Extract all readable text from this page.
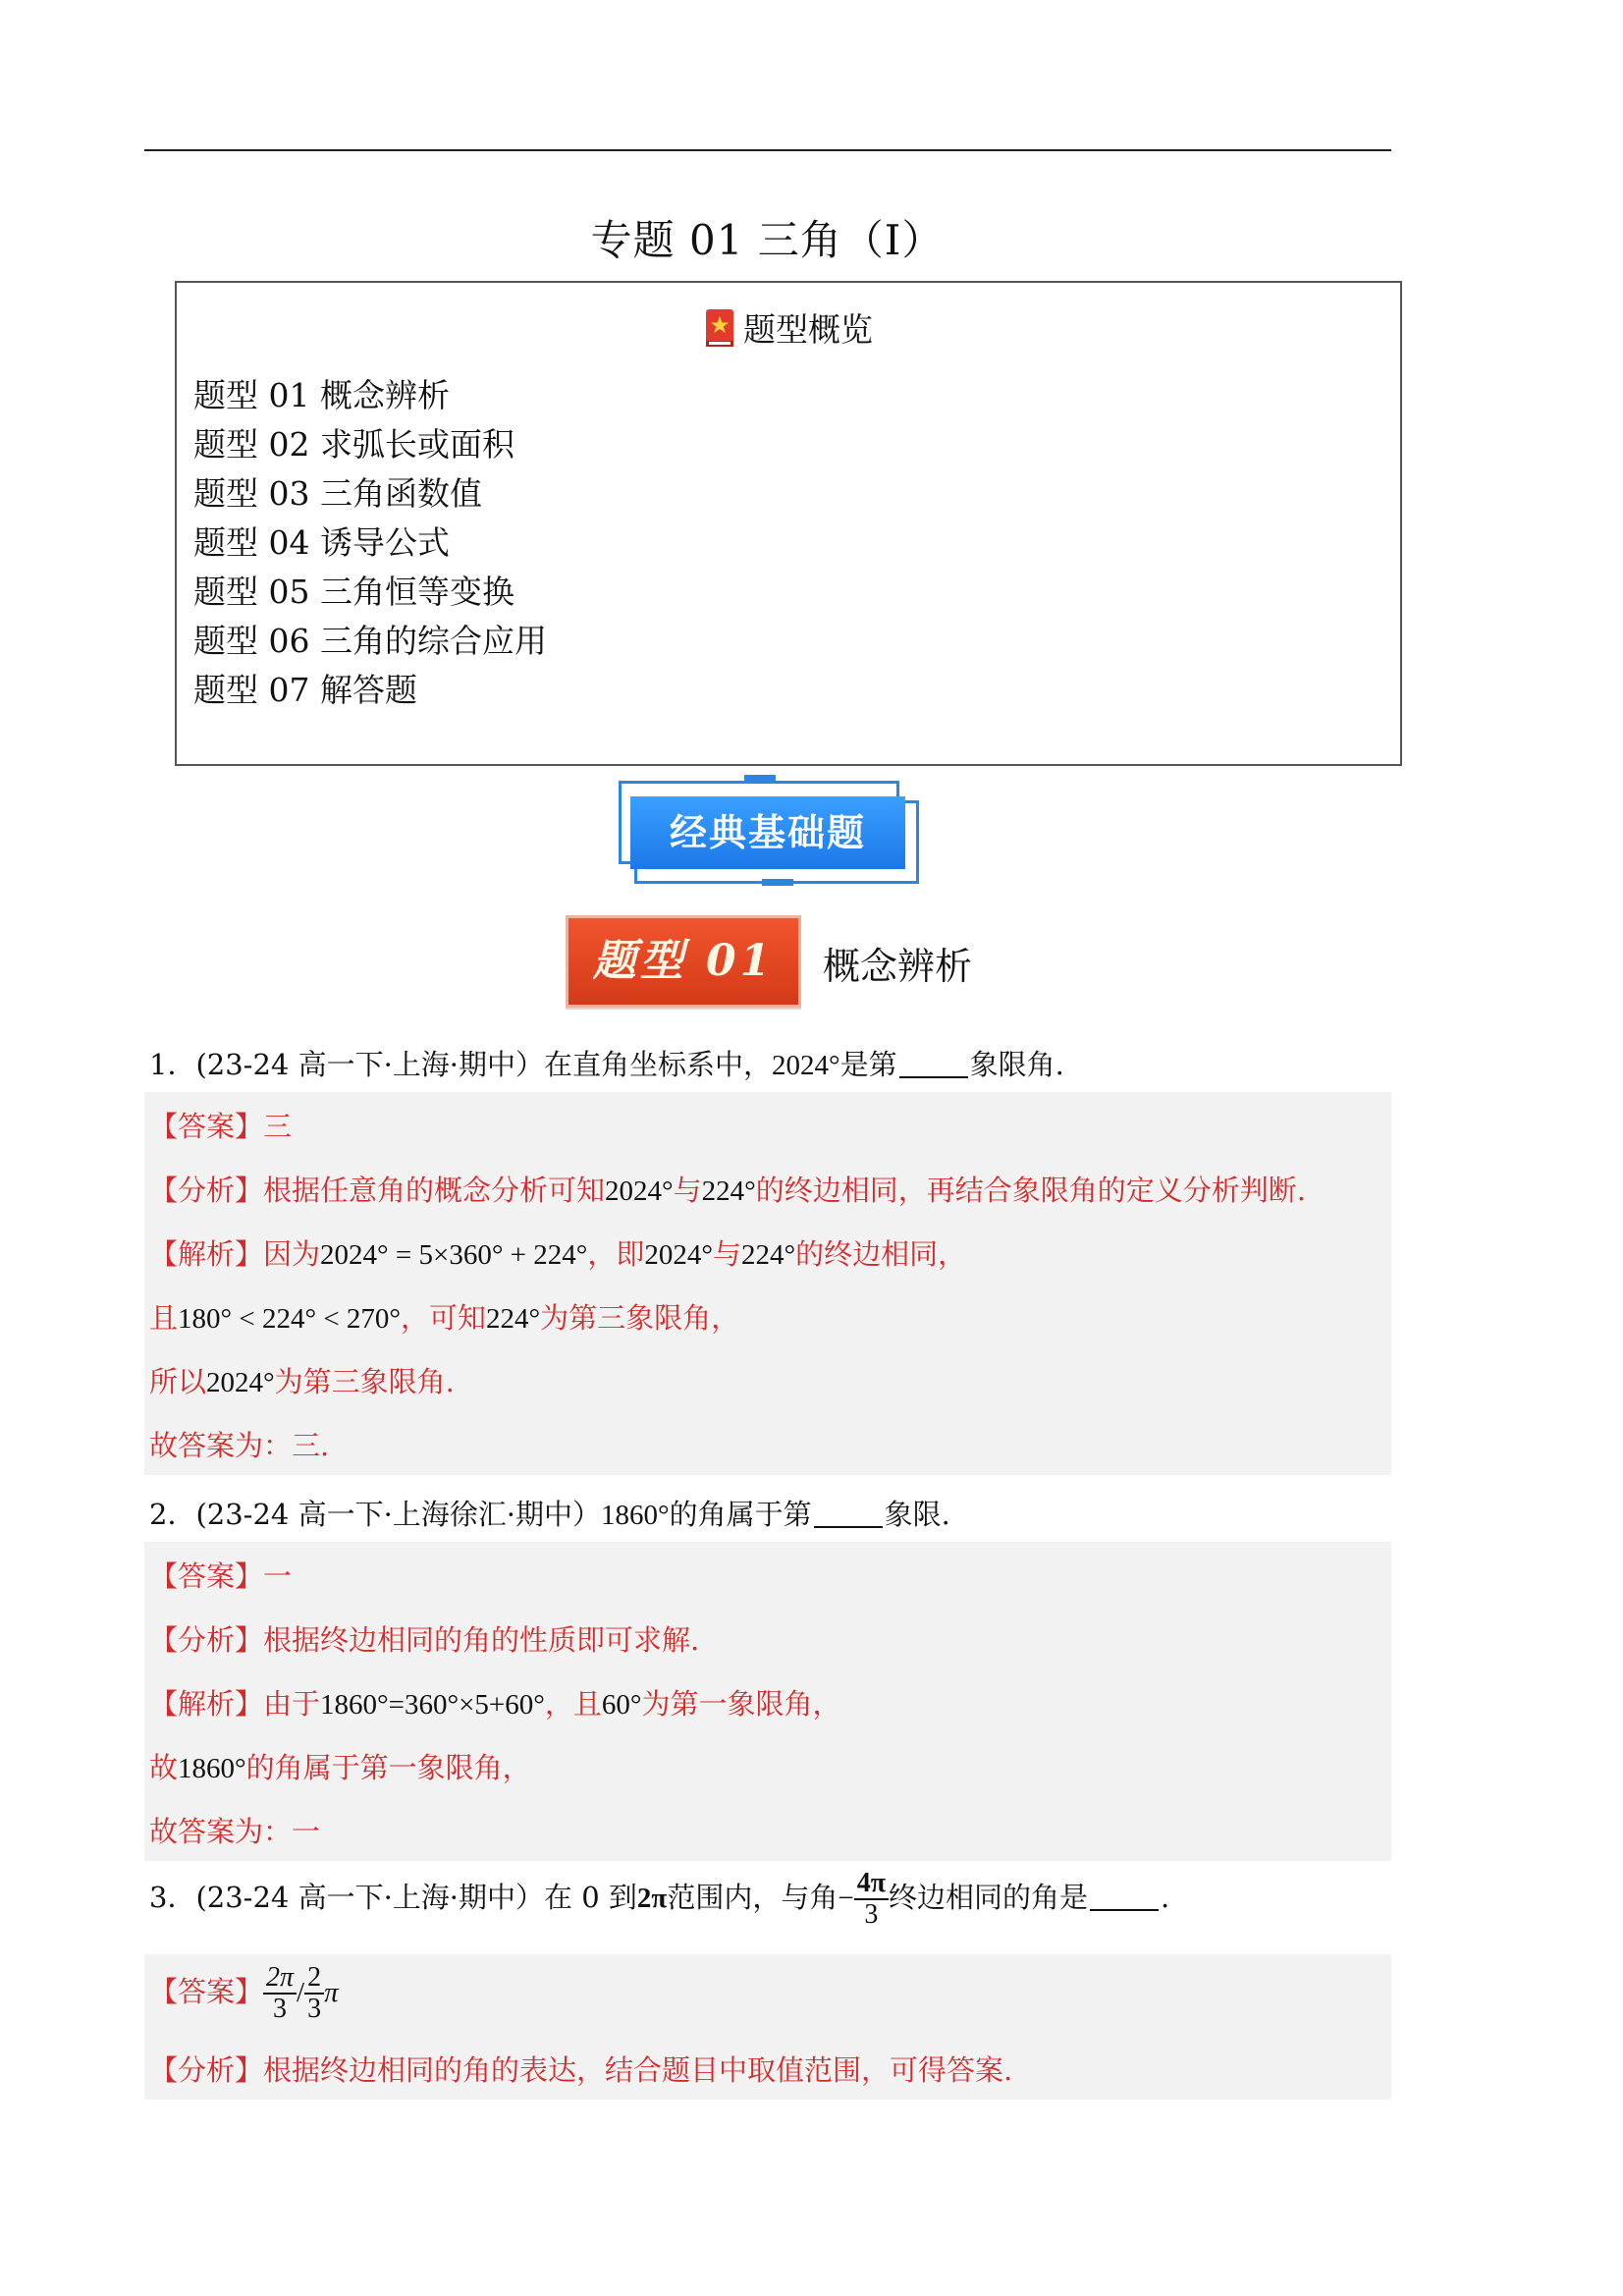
专题 01 三角（Ⅰ）
题型概览
题型 01 概念辨析
题型 02 求弧长或面积
题型 03 三角函数值
题型 04 诱导公式
题型 05 三角恒等变换
题型 06 三角的综合应用
题型 07 解答题
经典基础题
题型 01	概念辨析
1．(23-24 高一下·上海·期中）在直角坐标系中，2024°是第	象限角.
【答案】三
【分析】根据任意角的概念分析可知2024°与224°的终边相同，再结合象限角的定义分析判断.
【解析】因为2024° = 5×360° + 224°，即2024°与224°的终边相同，
且180° < 224° < 270°，可知224°为第三象限角，
所以2024°为第三象限角.
故答案为：三.
2．(23-24 高一下·上海徐汇·期中）1860°的角属于第	象限.
【答案】一
【分析】根据终边相同的角的性质即可求解.
【解析】由于1860°=360°×5+60°，且60°为第一象限角，
故1860°的角属于第一象限角，
故答案为：一
3．(23-24 高一下·上海·期中）在 0 到2π范围内，与角− $\frac{4\pi}{3}$ 终边相同的角是	.
【答案】 $\frac{2\pi}{3} / \frac{2}{3}$ π
【分析】根据终边相同的角的表达，结合题目中取值范围，可得答案.
